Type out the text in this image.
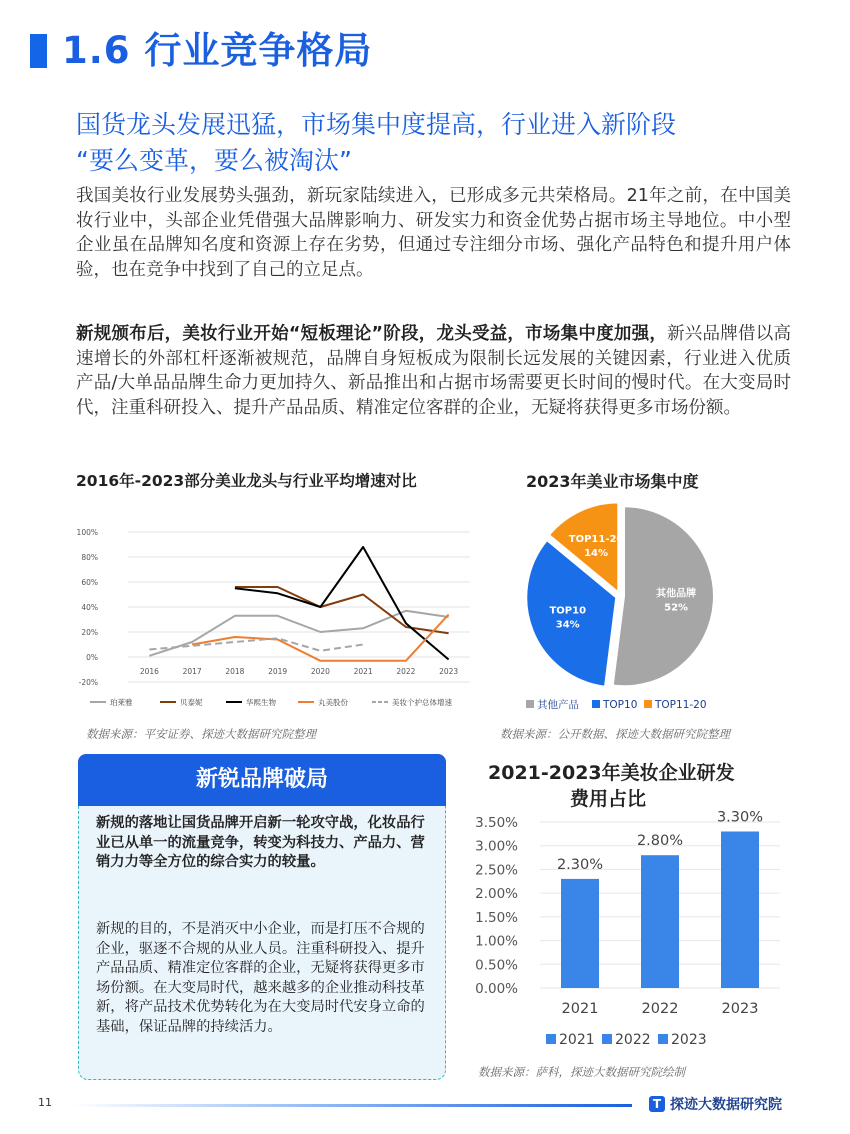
1.6 行业竞争格局
国货龙头发展迅猛，市场集中度提高，行业进入新阶段
“要么变革，要么被淘汰”
我国美妆行业发展势头强劲，新玩家陆续进入，已形成多元共荣格局。21年之前，在中国美妆行业中，头部企业凭借强大品牌影响力、研发实力和资金优势占据市场主导地位。中小型企业虽在品牌知名度和资源上存在劣势，但通过专注细分市场、强化产品特色和提升用户体验，也在竞争中找到了自己的立足点。
新规颁布后，美妆行业开始“短板理论”阶段，龙头受益，市场集中度加强，新兴品牌借以高速增长的外部杠杆逐渐被规范，品牌自身短板成为限制长远发展的关键因素，行业进入优质产品/大单品品牌生命力更加持久、新品推出和占据市场需要更长时间的慢时代。在大变局时代，注重科研投入、提升产品品质、精准定位客群的企业，无疑将获得更多市场份额。
2016年-2023部分美业龙头与行业平均增速对比
-20%
0%
20%
40%
60%
80%
100%
2016	2017	2018	2019	2020	2021	2022	2023
珀莱雅	贝泰妮	华熙生物	丸美股份	美妆个护总体增速
数据来源：平安证券、探迹大数据研究院整理
2023年美业市场集中度
其他品牌
52%
TOP10
34%
TOP11-20
14%
其他产品 TOP10 TOP11-20
数据来源：公开数据、探迹大数据研究院整理
新锐品牌破局
新规的落地让国货品牌开启新一轮攻守战，化妆品行业已从单一的流量竞争，转变为科技力、产品力、营销力力等全方位的综合实力的较量。
新规的目的，不是消灭中小企业，而是打压不合规的企业，驱逐不合规的从业人员。注重科研投入、提升产品品质、精准定位客群的企业，无疑将获得更多市场份额。在大变局时代，越来越多的企业推动科技革新，将产品技术优势转化为在大变局时代安身立命的基础，保证品牌的持续活力。
2021-2023年美妆企业研发
费用占比
0.00%
0.50%
1.00%
1.50%
2.00%
2.50%
3.00%
3.50%
2.30%
2021
2.80%
2022
3.30%
2023
2021 2022 2023
数据来源：萨科，探迹大数据研究院绘制
11	T 探迹大数据研究院
